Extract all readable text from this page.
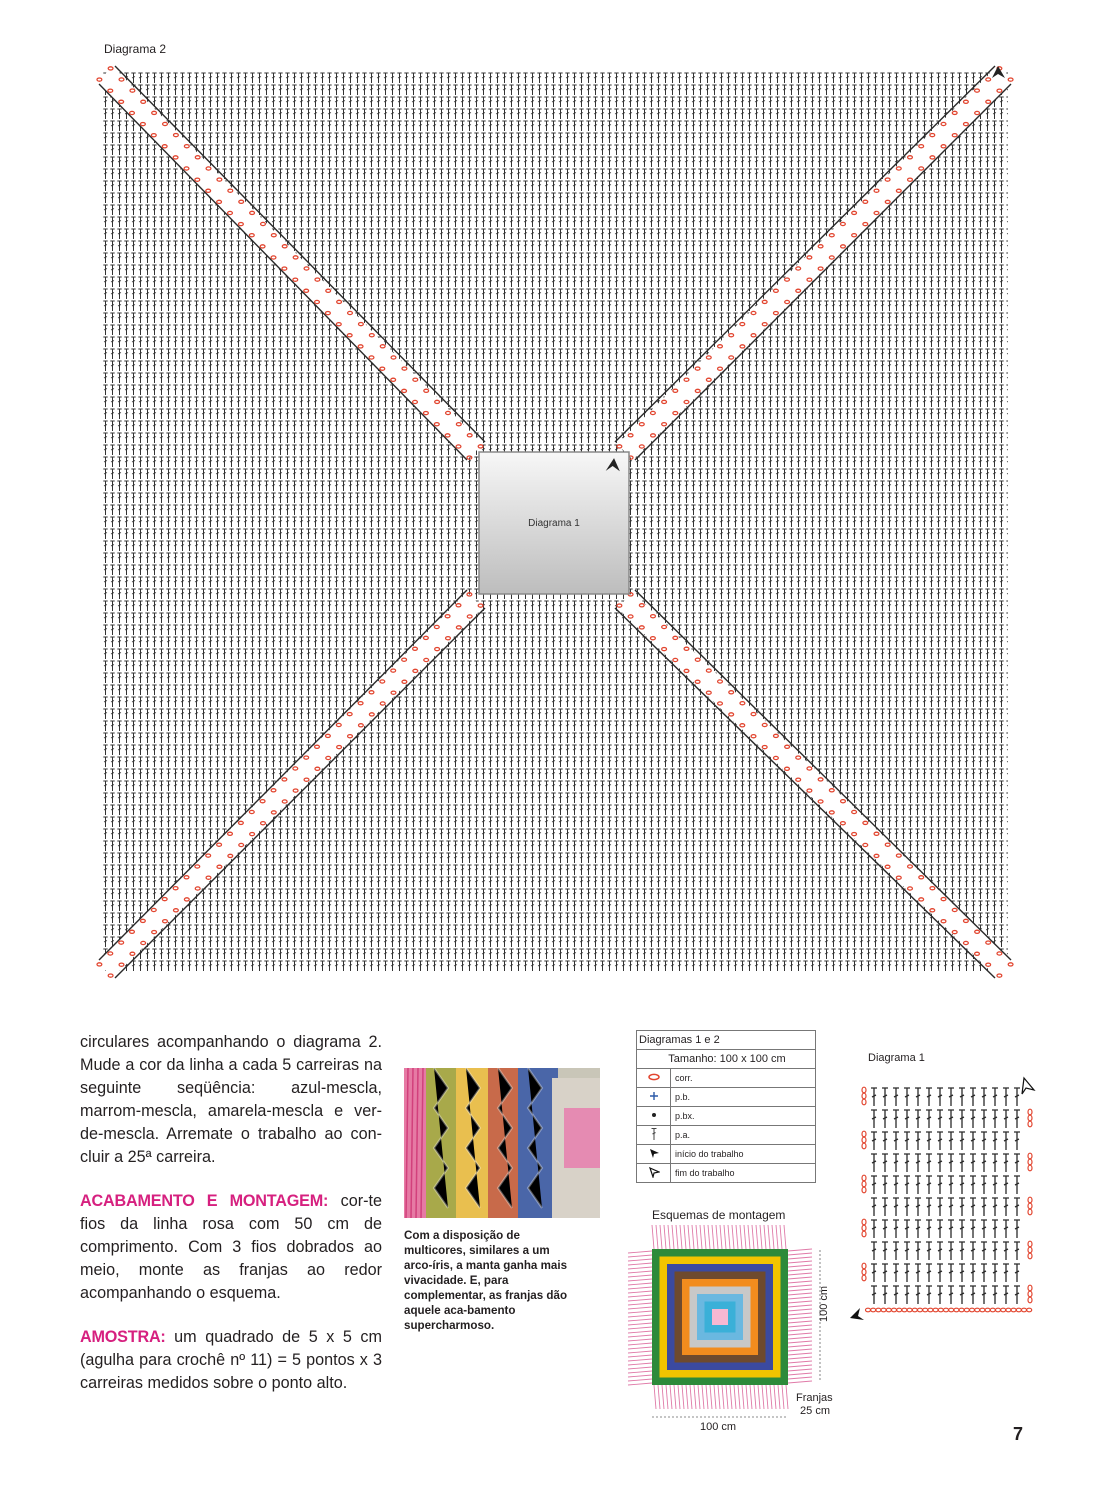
Diagrama 2
Diagrama 1

circulares acompanhando o diagrama 2. Mude a cor da linha a cada 5 carreiras na seguinte seqüência: azul-mescla, marrom-mescla, amarela-mescla e ver-de-mescla. Arremate o trabalho ao con-cluir a 25ª carreira.

ACABAMENTO E MONTAGEM: cor-te fios da linha rosa com 50 cm de comprimento. Com 3 fios dobrados ao meio, monte as franjas ao redor acompanhando o esquema.

AMOSTRA: um quadrado de 5 x 5 cm (agulha para crochê nº 11) = 5 pontos x 3 carreiras medidos sobre o ponto alto.

Com a disposição de multicores, similares a um arco-íris, a manta ganha mais vivacidade. E, para complementar, as franjas dão aquele aca-bamento supercharmoso.
Diagramas 1 e 2	
Tamanho: 100 x 100 cm	
	corr.
	p.b.
	p.bx.
	p.a.
	início do trabalho
	fim do trabalho
Esquemas de montagem
100 cm
Franjas
25 cm
100 cm
Diagrama 1
7
